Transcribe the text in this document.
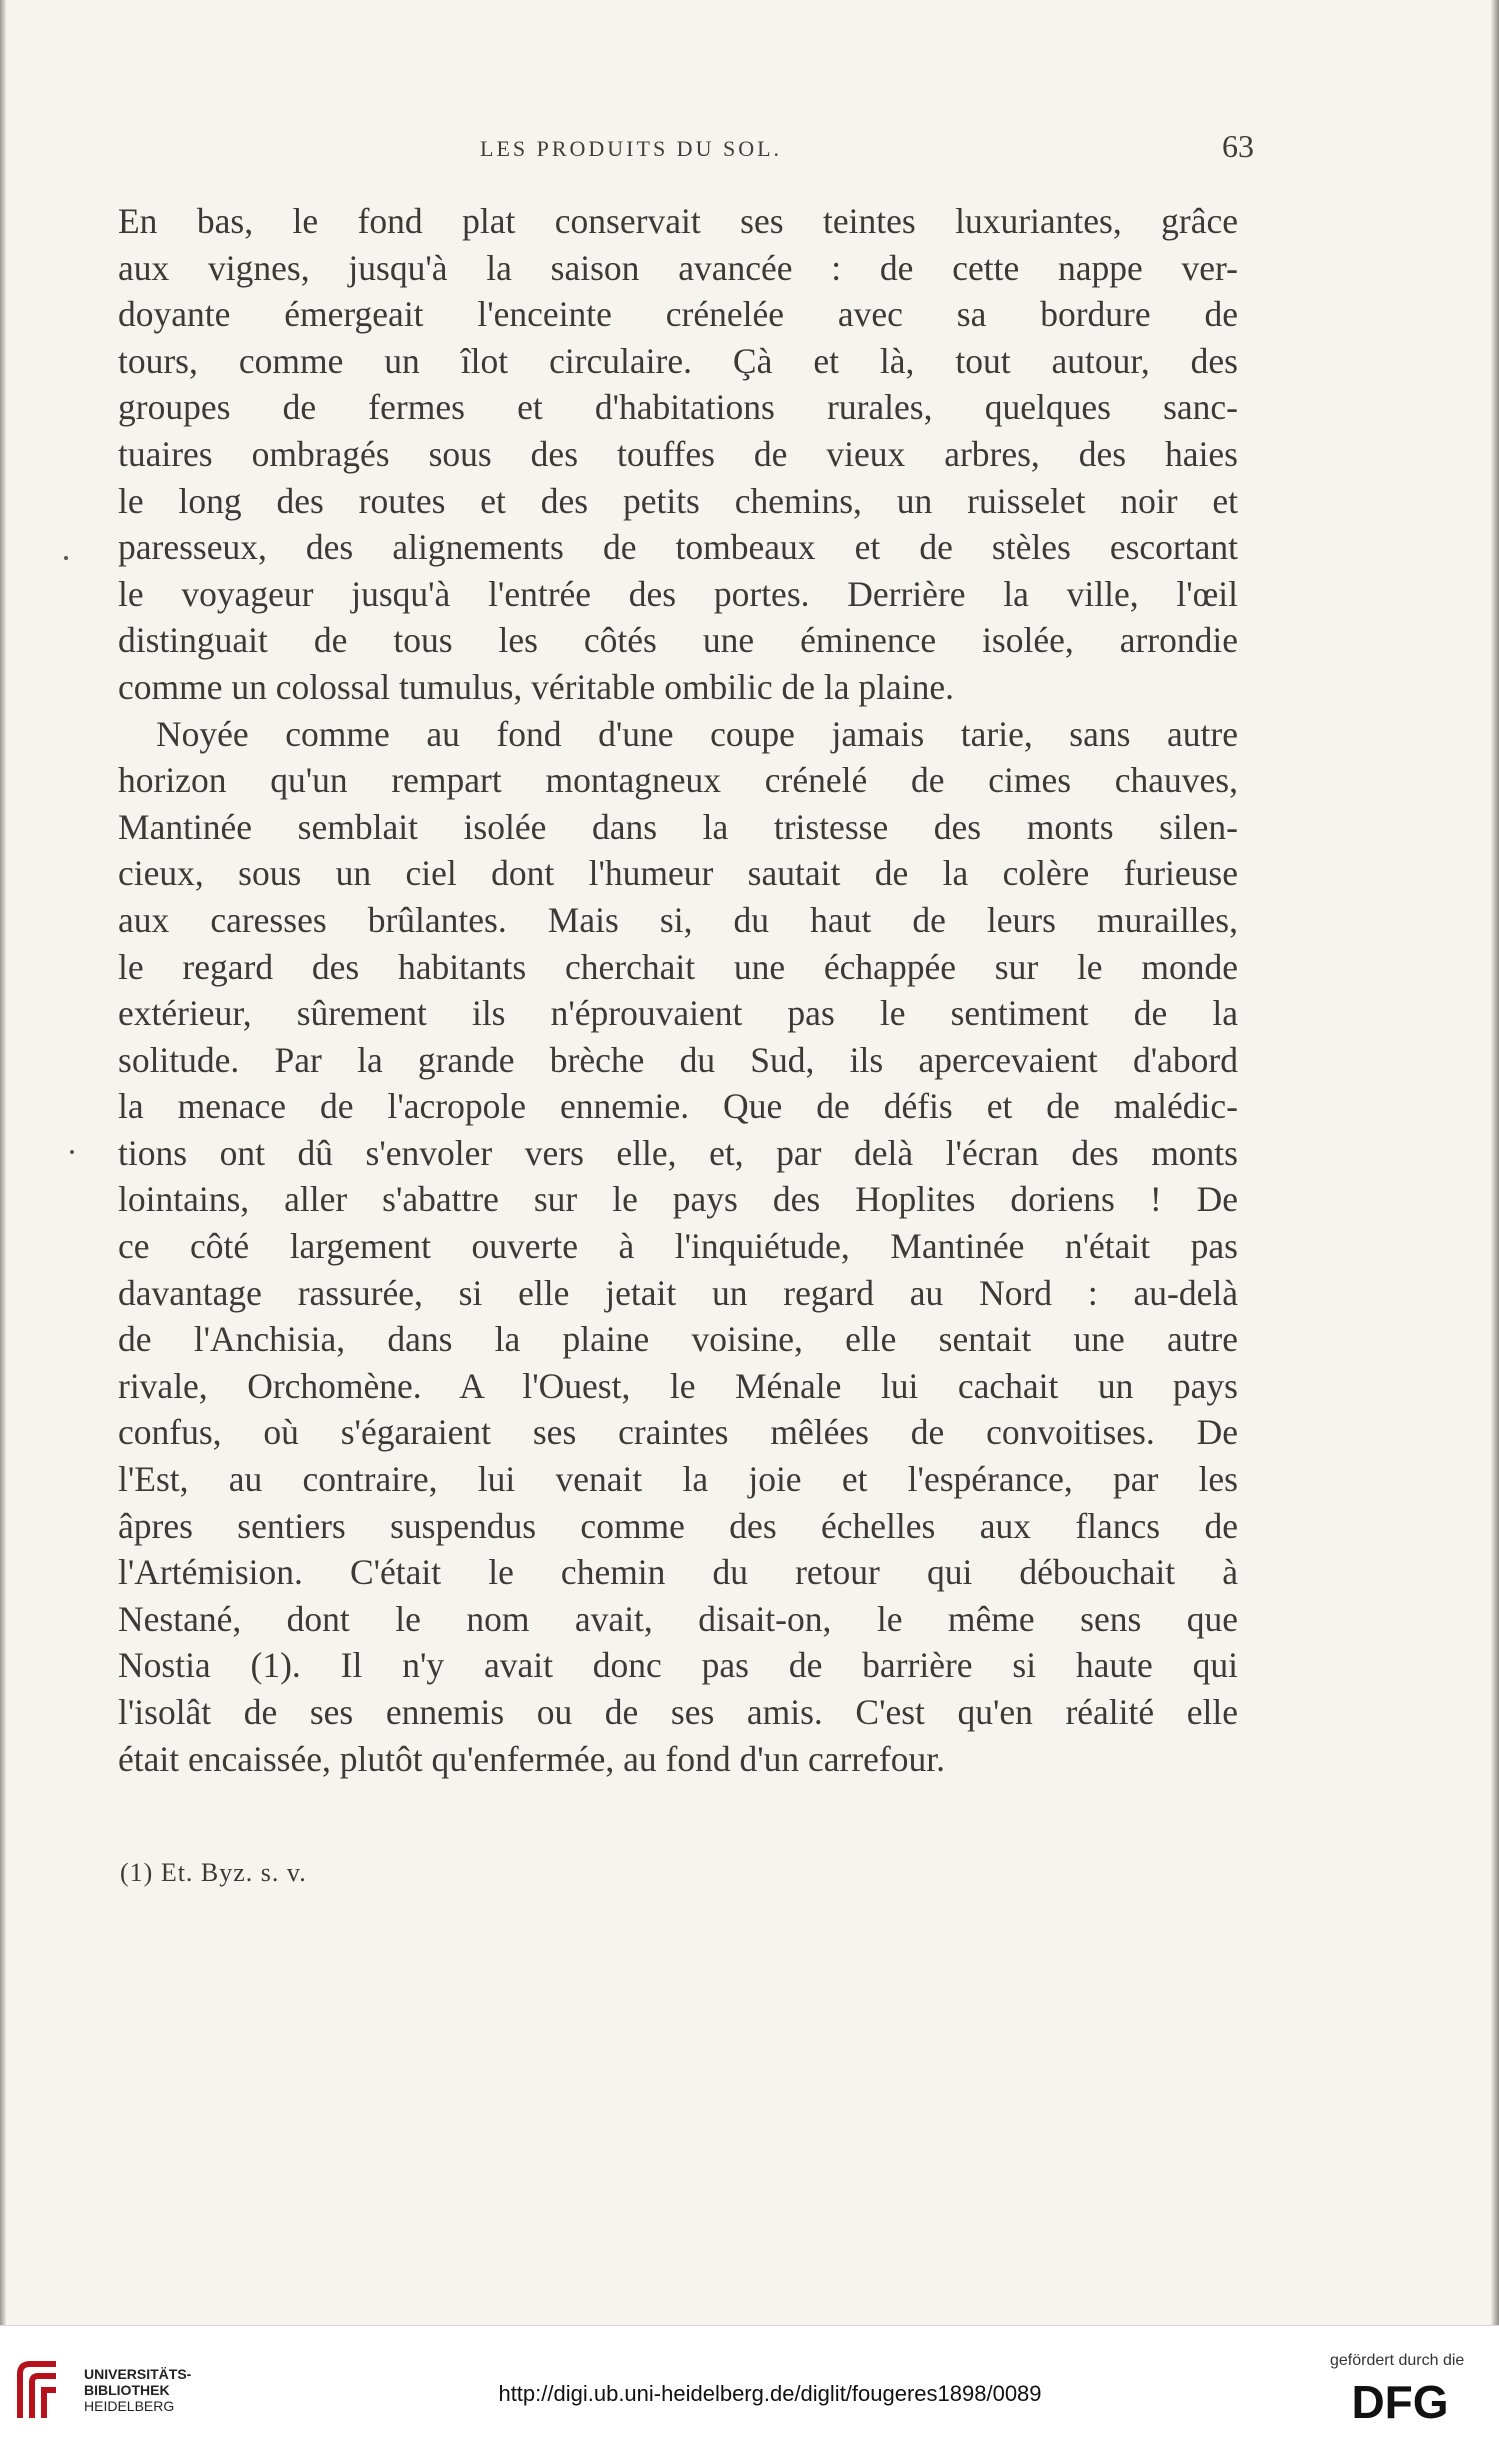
LES PRODUITS DU SOL.	63

En bas, le fond plat conservait ses teintes luxuriantes, grâce

aux vignes, jusqu'à la saison avancée : de cette nappe ver-

doyante émergeait l'enceinte crénelée avec sa bordure de

tours, comme un îlot circulaire. Çà et là, tout autour, des

groupes de fermes et d'habitations rurales, quelques sanc-

tuaires ombragés sous des touffes de vieux arbres, des haies

le long des routes et des petits chemins, un ruisselet noir et

paresseux, des alignements de tombeaux et de stèles escortant

le voyageur jusqu'à l'entrée des portes. Derrière la ville, l'œil

distinguait de tous les côtés une éminence isolée, arrondie

comme un colossal tumulus, véritable ombilic de la plaine.

Noyée comme au fond d'une coupe jamais tarie, sans autre

horizon qu'un rempart montagneux crénelé de cimes chauves,

Mantinée semblait isolée dans la tristesse des monts silen-

cieux, sous un ciel dont l'humeur sautait de la colère furieuse

aux caresses brûlantes. Mais si, du haut de leurs murailles,

le regard des habitants cherchait une échappée sur le monde

extérieur, sûrement ils n'éprouvaient pas le sentiment de la

solitude. Par la grande brèche du Sud, ils apercevaient d'abord

la menace de l'acropole ennemie. Que de défis et de malédic-

tions ont dû s'envoler vers elle, et, par delà l'écran des monts

lointains, aller s'abattre sur le pays des Hoplites doriens ! De

ce côté largement ouverte à l'inquiétude, Mantinée n'était pas

davantage rassurée, si elle jetait un regard au Nord : au-delà

de l'Anchisia, dans la plaine voisine, elle sentait une autre

rivale, Orchomène. A l'Ouest, le Ménale lui cachait un pays

confus, où s'égaraient ses craintes mêlées de convoitises. De

l'Est, au contraire, lui venait la joie et l'espérance, par les

âpres sentiers suspendus comme des échelles aux flancs de

l'Artémision. C'était le chemin du retour qui débouchait à

Nestané, dont le nom avait, disait-on, le même sens que

Nostia (1). Il n'y avait donc pas de barrière si haute qui

l'isolât de ses ennemis ou de ses amis. C'est qu'en réalité elle

était encaissée, plutôt qu'enfermée, au fond d'un carrefour.

(1) Et. Byz. s. v.
UNIVERSITÄTS-
BIBLIOTHEK
HEIDELBERG	http://digi.ub.uni-heidelberg.de/diglit/fougeres1898/0089
gefördert durch die
DFG
